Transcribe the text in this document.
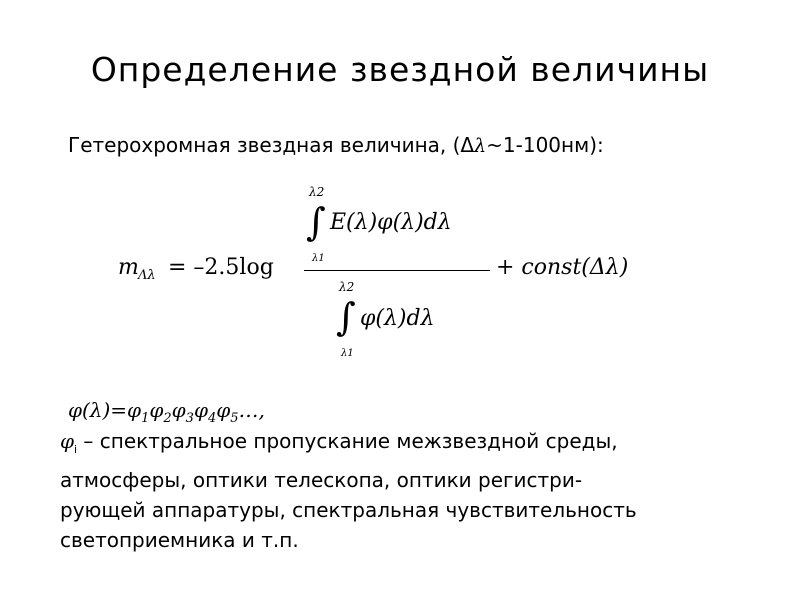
Определение звездной величины
Гетерохромная звездная величина, (Δλ~1-100нм):
m Λλ = –2.5log
λ2
∫
λ1
E(λ)φ(λ)dλ
λ2
∫
λ1
φ(λ)dλ
+ const(Δλ)
$\varphi(\lambda)=\varphi_1\varphi_2\varphi_3\varphi_4\varphi_5\dots$,
$\varphi_i$ – спектральное пропускание межзвездной среды,
атмосферы, оптики телескопа, оптики регистри-
рующей аппаратуры, спектральная чувствительность
светоприемника и т.п.
